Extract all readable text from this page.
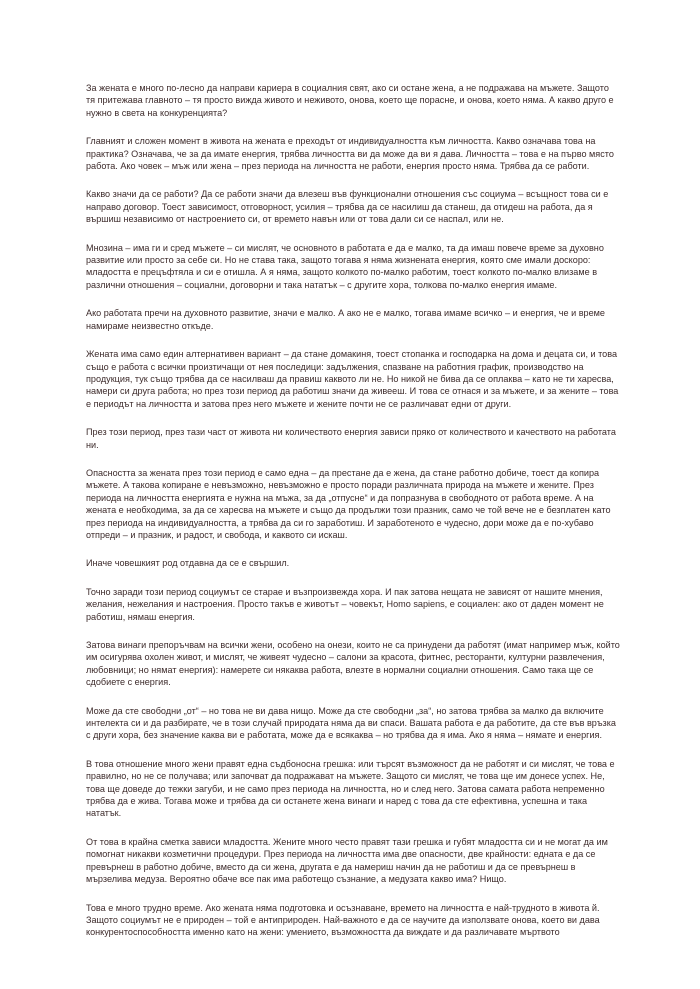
За жената е много по-лесно да направи кариера в социалния свят, ако си остане жена, а не подражава на мъжете. Защото тя притежава главното – тя просто вижда живото и неживото, онова, което ще порасне, и онова, което няма. А какво друго е нужно в света на конкуренцията?

Главният и сложен момент в живота на жената е преходът от индивидуалността към личността. Какво означава това на практика? Означава, че за да имате енергия, трябва личността ви да може да ви я дава. Личността – това е на първо място работа. Ако човек – мъж или жена – през периода на личността не работи, енергия просто няма. Трябва да се работи.

Какво значи да се работи? Да се работи значи да влезеш във функционални отношения със социума – всъщност това си е направо договор. Тоест зависимост, отговорност, усилия – трябва да се насилиш да станеш, да отидеш на работа, да я вършиш независимо от настроението си, от времето навън или от това дали си се наспал, или не.

Мнозина – има ги и сред мъжете – си мислят, че основното в работата е да е малко, та да имаш повече време за духовно развитие или просто за себе си. Но не става така, защото тогава я няма жизнената енергия, която сме имали доскоро: младостта е прецъфтяла и си е отишла. А я няма, защото колкото по-малко работим, тоест колкото по-малко влизаме в различни отношения – социални, договорни и така нататък – с другите хора, толкова по-малко енергия имаме.

Ако работата пречи на духовното развитие, значи е малко. А ако не е малко, тогава имаме всичко – и енергия, че и време намираме неизвестно откъде.

Жената има само един алтернативен вариант – да стане домакиня, тоест стопанка и господарка на дома и децата си, и това също е работа с всички произтичащи от нея последици: задължения, спазване на работния график, производство на продукция, тук също трябва да се насилваш да правиш каквото ли не. Но никой не бива да се оплаква – като не ти харесва, намери си друга работа; но през този период да работиш значи да живееш. И това се отнася и за мъжете, и за жените – това е периодът на личността и затова през него мъжете и жените почти не се различават едни от други.

През този период, през тази част от живота ни количеството енергия зависи пряко от количеството и качеството на работата ни.

Опасността за жената през този период е само една – да престане да е жена, да стане работно добиче, тоест да копира мъжете. А такова копиране е невъзможно, невъзможно е просто поради различната природа на мъжете и жените. През периода на личността енергията е нужна на мъжа, за да „отпусне“ и да попразнува в свободното от работа време. А на жената е необходима, за да се харесва на мъжете и също да продължи този празник, само че той вече не е безплатен като през периода на индивидуалността, а трябва да си го заработиш. И заработеното е чудесно, дори може да е по-хубаво отпреди – и празник, и радост, и свобода, и каквото си искаш.

Иначе човешкият род отдавна да се е свършил.

Точно заради този период социумът се стараe и възпроизвежда хора. И пак затова нещата не зависят от нашите мнения, желания, нежелания и настроения. Просто такъв е животът – човекът, Homo sapiens, е социален: ако от даден момент не работиш, нямаш енергия.

Затова винаги препоръчвам на всички жени, особено на онези, които не са принудени да работят (имат например мъж, който им осигурява охолен живот, и мислят, че живеят чудесно – салони за красота, фитнес, ресторанти, културни развлечения, любовници; но нямат енергия): намерете си някаква работа, влезте в нормални социални отношения. Само така ще се сдобиете с енергия.

Може да сте свободни „от“ – но това не ви дава нищо. Може да сте свободни „за“, но затова трябва за малко да включите интелекта си и да разбирате, че в този случай природата няма да ви спаси. Вашата работа е да работите, да сте във връзка с други хора, без значение каква ви е работата, може да е всякаква – но трябва да я има. Ако я няма – нямате и енергия.

В това отношение много жени правят една съдбоносна грешка: или търсят възможност да не работят и си мислят, че това е правилно, но не се получава; или започват да подражават на мъжете. Защото си мислят, че това ще им донесе успех. Не, това ще доведе до тежки загуби, и не само през периода на личността, но и след него. Затова самата работа непременно трябва да е жива. Тогава може и трябва да си останете жена винаги и наред с това да сте ефективна, успешна и така нататък.

От това в крайна сметка зависи младостта. Жените много често правят тази грешка и губят младостта си и не могат да им помогнат никакви козметични процедури. През периода на личността има две опасности, две крайности: едната е да се превърнеш в работно добиче, вместо да си жена, другата е да намериш начин да не работиш и да се превърнеш в мързелива медуза. Вероятно обаче все пак има работещо съзнание, а медузата какво има? Нищо.

Това е много трудно време. Ако жената няма подготовка и осъзнаване, времето на личността е най-трудното в живота й. Защото социумът не е природен – той е антиприроден. Най-важното е да се научите да използвате онова, което ви дава конкурентоспособността именно като на жени: умението, възможността да виждате и да различавате мъртвото
